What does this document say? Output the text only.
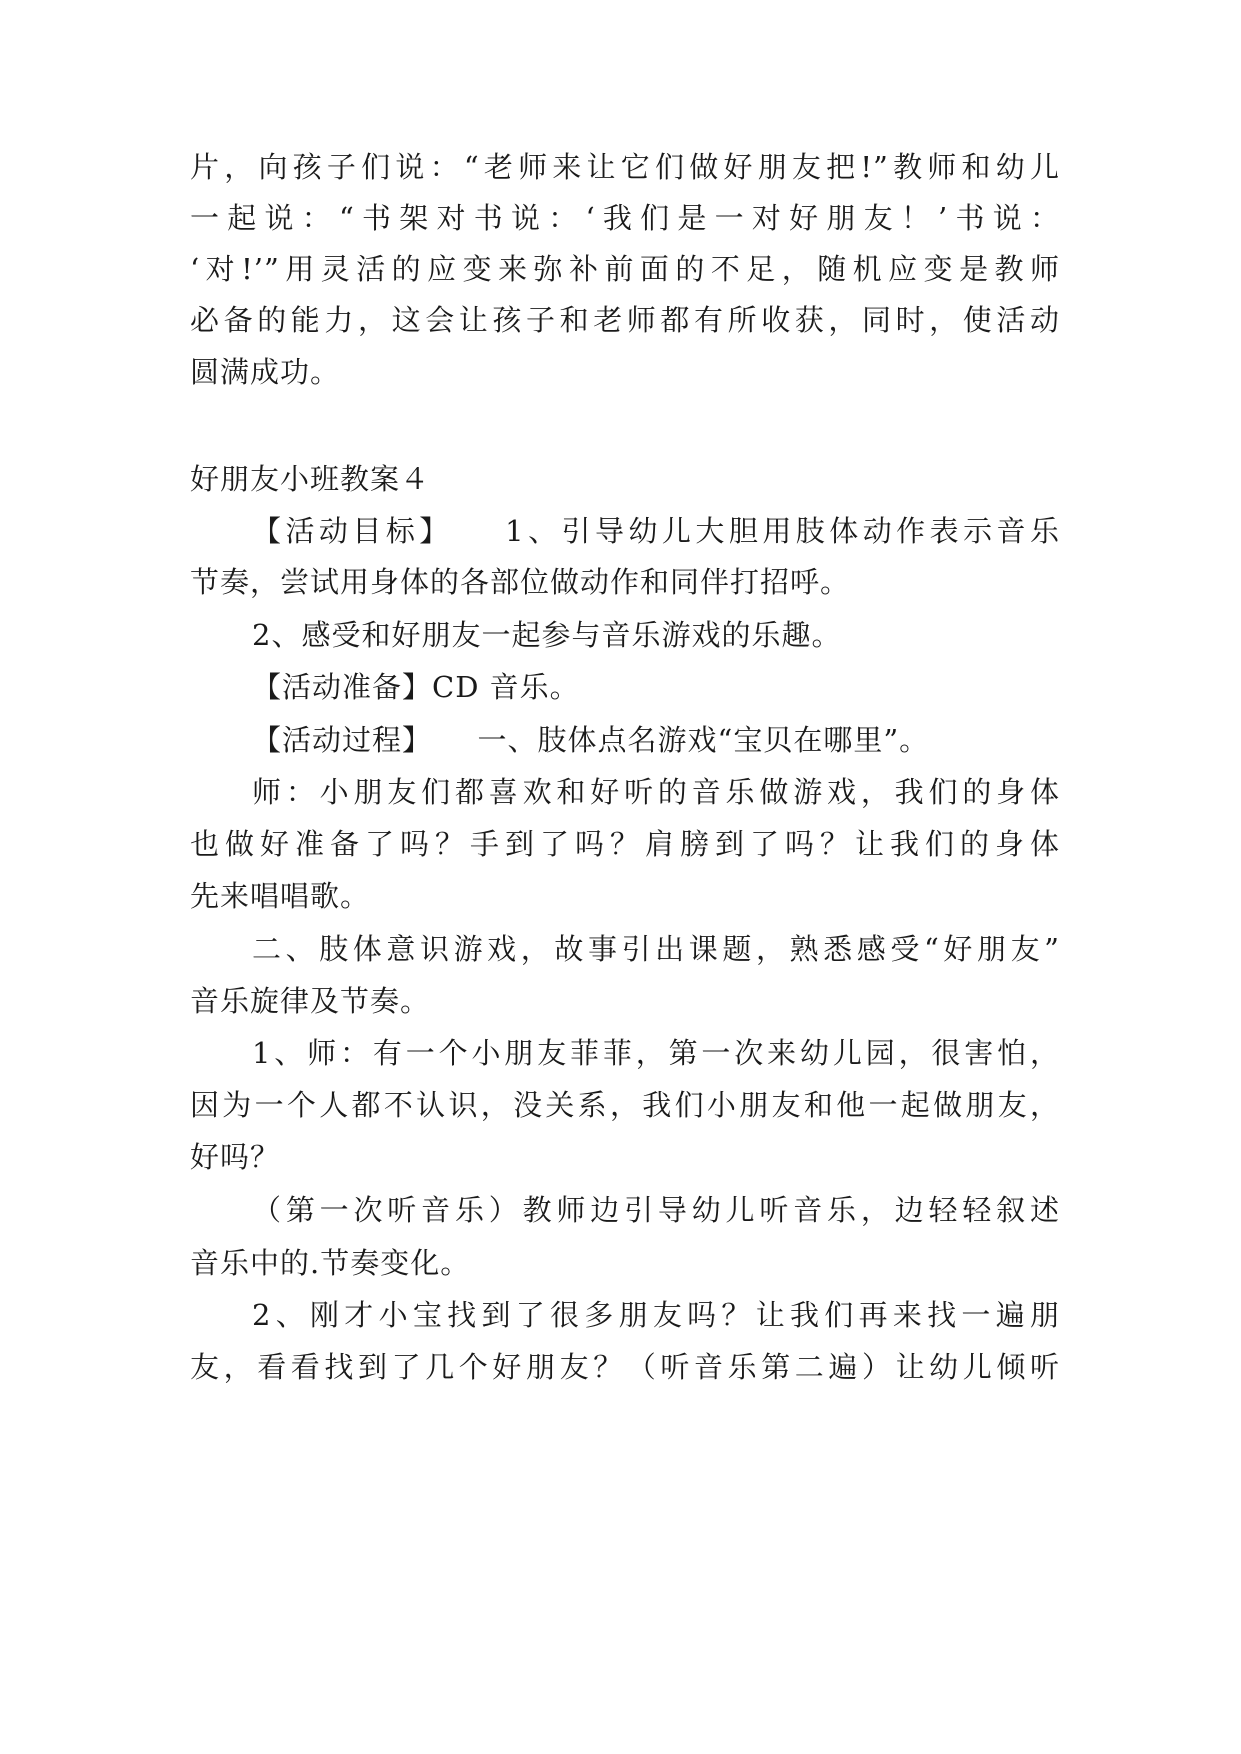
片，向孩子们说：“老师来让它们做好朋友把!”教师和幼儿
一起说：“书架对书说：‘我们是一对好朋友！’书说：
‘对!’”用灵活的应变来弥补前面的不足，随机应变是教师
必备的能力，这会让孩子和老师都有所收获，同时，使活动
圆满成功。
好朋友小班教案４
【活动目标】　　1、引导幼儿大胆用肢体动作表示音乐
节奏，尝试用身体的各部位做动作和同伴打招呼。
2、感受和好朋友一起参与音乐游戏的乐趣。
【活动准备】CD 音乐。
【活动过程】　　一、肢体点名游戏“宝贝在哪里”。
师：小朋友们都喜欢和好听的音乐做游戏，我们的身体
也做好准备了吗？手到了吗？肩膀到了吗？让我们的身体
先来唱唱歌。
二、肢体意识游戏，故事引出课题，熟悉感受“好朋友”
音乐旋律及节奏。
1、师：有一个小朋友菲菲，第一次来幼儿园，很害怕，
因为一个人都不认识，没关系，我们小朋友和他一起做朋友，
好吗？
（第一次听音乐）教师边引导幼儿听音乐，边轻轻叙述
音乐中的.节奏变化。
2、刚才小宝找到了很多朋友吗？让我们再来找一遍朋
友，看看找到了几个好朋友？（听音乐第二遍）让幼儿倾听
